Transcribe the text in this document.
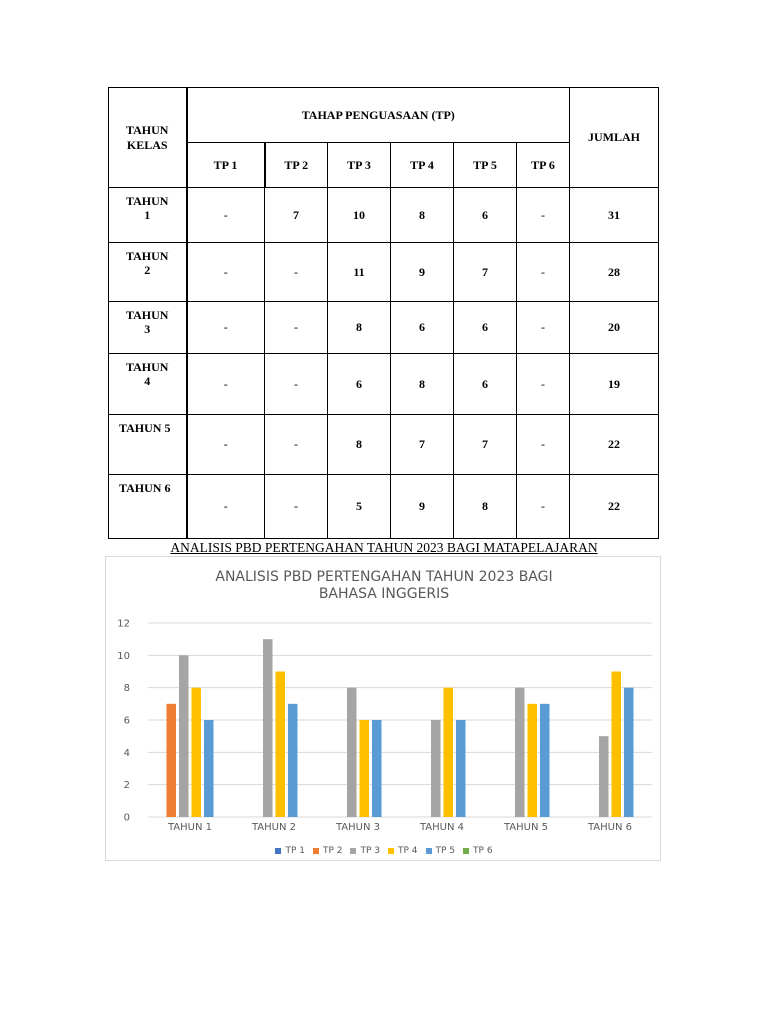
TAHUN
KELAS	TAHAP PENGUASAAN (TP)						JUMLAH
	TP 1	TP 2	TP 3	TP 4	TP 5	TP 6	

TAHUN
1	-	7	10	8	6	-	31

TAHUN
2	-	-	11	9	7	-	28

TAHUN
3	-	-	8	6	6	-	20

TAHUN
4	-	-	6	8	6	-	19

TAHUN 5	-	-	8	7	7	-	22

TAHUN 6	-	-	5	9	8	-	22
ANALISIS PBD PERTENGAHAN TAHUN 2023 BAGI MATAPELAJARAN
ANALISIS PBD PERTENGAHAN TAHUN 2023 BAGI
BAHASA INGGERIS
0
2
4
6
8
10
12
TAHUN 1	TAHUN 2	TAHUN 3	TAHUN 4	TAHUN 5	TAHUN 6
TP 1 TP 2 TP 3 TP 4 TP 5 TP 6
